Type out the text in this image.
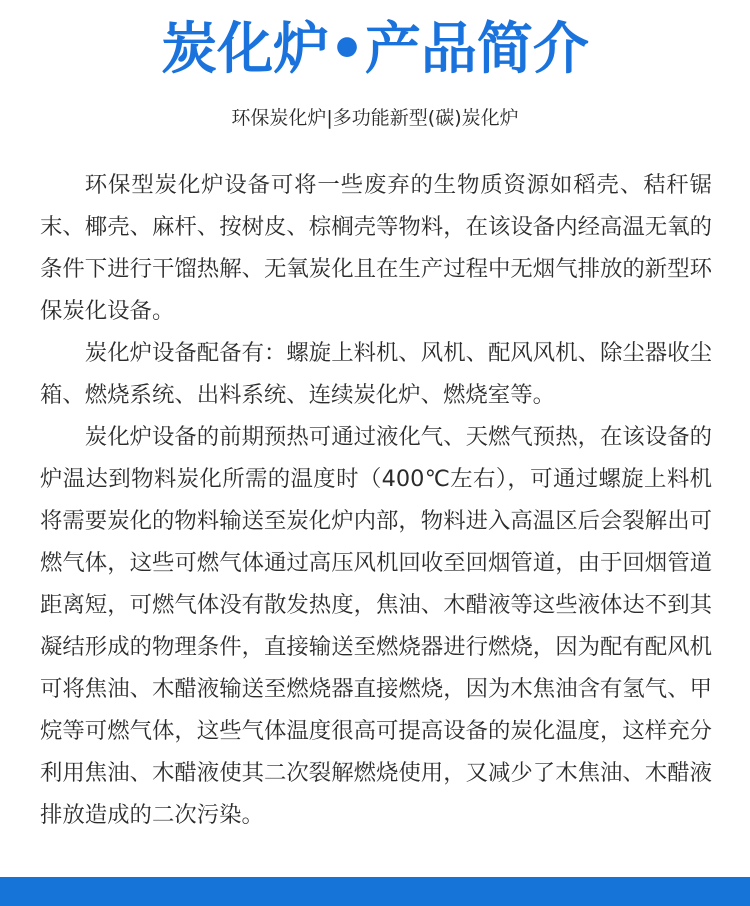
炭化炉•产品简介
环保炭化炉|多功能新型(碳)炭化炉

环保型炭化炉设备可将一些废弃的生物质资源如稻壳、秸秆锯末、椰壳、麻杆、按树皮、棕榈壳等物料，在该设备内经高温无氧的条件下进行干馏热解、无氧炭化且在生产过程中无烟气排放的新型环保炭化设备。

炭化炉设备配备有：螺旋上料机、风机、配风风机、除尘器收尘箱、燃烧系统、出料系统、连续炭化炉、燃烧室等。

炭化炉设备的前期预热可通过液化气、天燃气预热，在该设备的炉温达到物料炭化所需的温度时（400℃左右），可通过螺旋上料机将需要炭化的物料输送至炭化炉内部，物料进入高温区后会裂解出可燃气体，这些可燃气体通过高压风机回收至回烟管道，由于回烟管道距离短，可燃气体没有散发热度，焦油、木醋液等这些液体达不到其凝结形成的物理条件，直接输送至燃烧器进行燃烧，因为配有配风机可将焦油、木醋液输送至燃烧器直接燃烧，因为木焦油含有氢气、甲烷等可燃气体，这些气体温度很高可提高设备的炭化温度，这样充分利用焦油、木醋液使其二次裂解燃烧使用，又减少了木焦油、木醋液排放造成的二次污染。
